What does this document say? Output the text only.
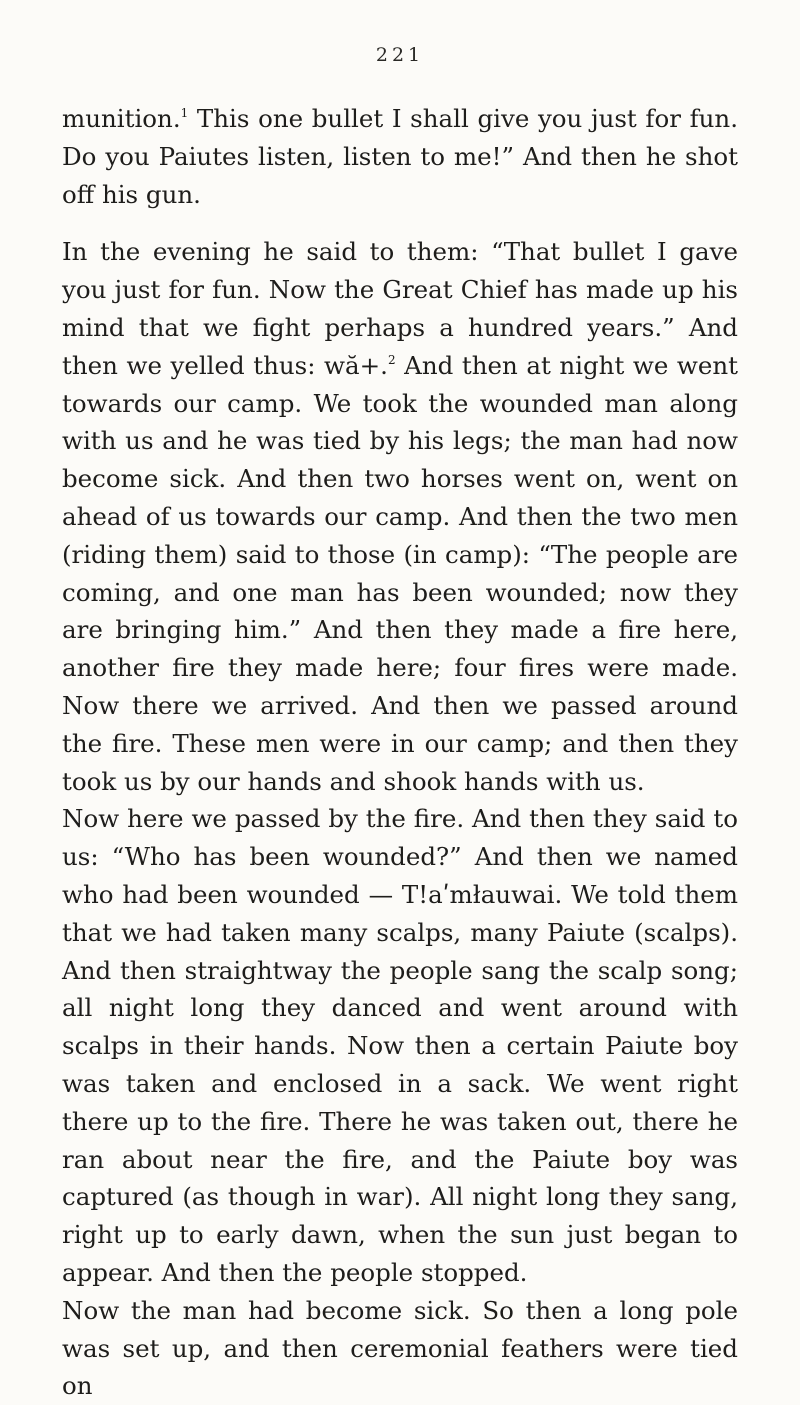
221

munition.$^1$ This one bullet I shall give you just for fun. Do you Paiutes listen, listen to me!” And then he shot off his gun.

In the evening he said to them: “That bullet I gave you just for fun. Now the Great Chief has made up his mind that we fight perhaps a hundred years.” And then we yelled thus: wă+.$^2$ And then at night we went towards our camp. We took the wounded man along with us and he was tied by his legs; the man had now become sick. And then two horses went on, went on ahead of us towards our camp. And then the two men (riding them) said to those (in camp): “The people are coming, and one man has been wounded; now they are bringing him.” And then they made a fire here, another fire they made here; four fires were made. Now there we arrived. And then we passed around the fire. These men were in our camp; and then they took us by our hands and shook hands with us.

Now here we passed by the fire. And then they said to us: “Who has been wounded?” And then we named who had been wounded — T!aʹmłauwai. We told them that we had taken many scalps, many Paiute (scalps). And then straightway the people sang the scalp song; all night long they danced and went around with scalps in their hands. Now then a certain Paiute boy was taken and enclosed in a sack. We went right there up to the fire. There he was taken out, there he ran about near the fire, and the Paiute boy was captured (as though in war). All night long they sang, right up to early dawn, when the sun just began to appear. And then the people stopped.

Now the man had become sick. So then a long pole was set up, and then ceremonial feathers were tied on
